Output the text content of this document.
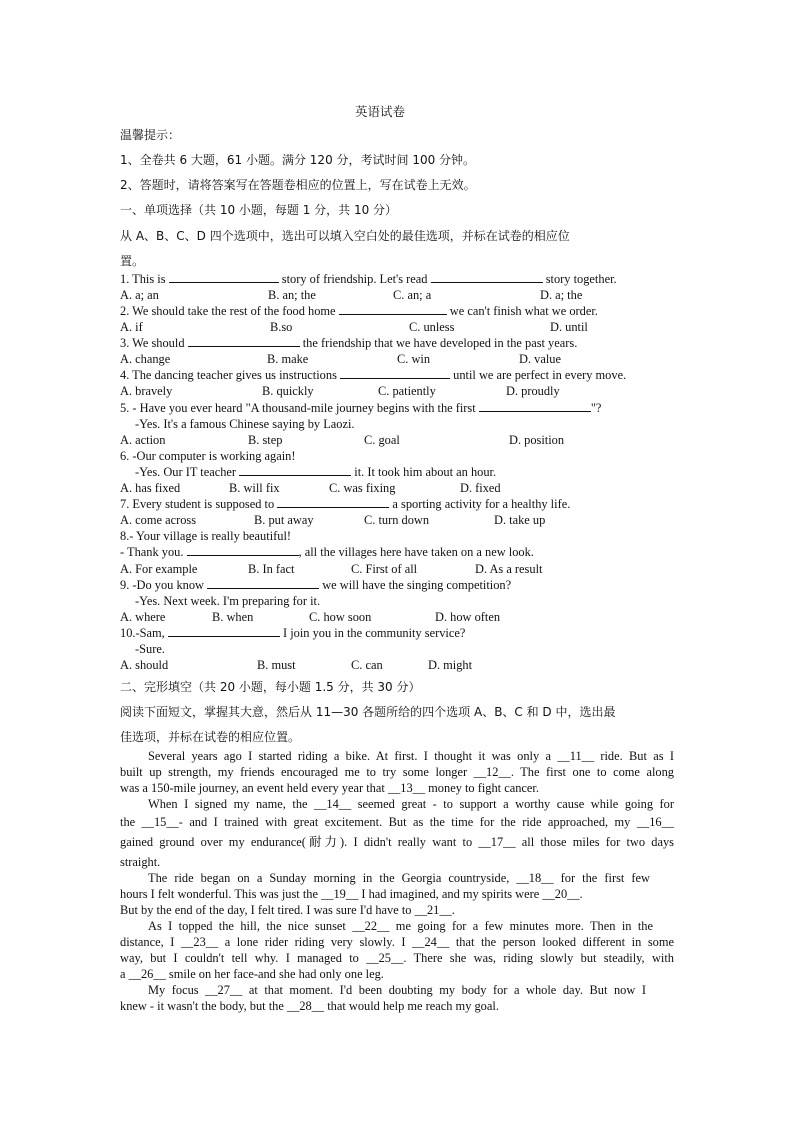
英语试卷
温馨提示：
1、全卷共 6 大题，61 小题。满分 120 分，考试时间 100 分钟。
2、答题时，请将答案写在答题卷相应的位置上，写在试卷上无效。
一、单项选择（共 10 小题，每题 1 分，共 10 分）
从 A、B、C、D 四个选项中，选出可以填入空白处的最佳选项，并标在试卷的相应位
置。
1. This is	story of friendship. Let's read	story together.
A. a; an	B. an; the	C. an; a	D. a; the
2. We should take the rest of the food home	we can't finish what we order.
A. if	B.so	C. unless	D. until
3. We should	the friendship that we have developed in the past years.
A. change	B. make	C. win	D. value
4. The dancing teacher gives us instructions	until we are perfect in every move.
A. bravely	B. quickly	C. patiently	D. proudly
5. - Have you ever heard "A thousand-mile journey begins with the first	"?
-Yes. It's a famous Chinese saying by Laozi.
A. action	B. step	C. goal	D. position
6. -Our computer is working again!
-Yes. Our IT teacher	it. It took him about an hour.
A. has fixed	B. will fix	C. was fixing	D. fixed
7. Every student is supposed to	a sporting activity for a healthy life.
A. come across	B. put away	C. turn down	D. take up
8.- Your village is really beautiful!
- Thank you.	, all the villages here have taken on a new look.
A. For example	B. In fact	C. First of all	D. As a result
9. -Do you know	we will have the singing competition?
-Yes. Next week. I'm preparing for it.
A. where	B. when	C. how soon	D. how often
10.-Sam,	I join you in the community service?
-Sure.
A. should	B. must	C. can	D. might
二、完形填空（共 20 小题，每小题 1.5 分，共 30 分）
阅读下面短文，掌握其大意，然后从 11—30 各题所给的四个选项 A、B、C 和 D 中，选出最
佳选项，并标在试卷的相应位置。
Several years ago I started riding a bike. At first. I thought it was only a __11__ ride. But as I
built up strength, my friends encouraged me to try some longer __12__. The first one to come along
was a 150-mile journey, an event held every year that __13__ money to fight cancer.
When I signed my name, the __14__ seemed great - to support a worthy cause while going for
the __15__- and I trained with great excitement. But as the time for the ride approached, my __16__
gained ground over my endurance(耐力). I didn't really want to __17__ all those miles for two days
straight.
The ride began on a Sunday morning in the Georgia countryside, __18__ for the first few
hours I felt wonderful. This was just the __19__ I had imagined, and my spirits were __20__.
But by the end of the day, I felt tired. I was sure I'd have to __21__.
As I topped the hill, the nice sunset __22__ me going for a few minutes more. Then in the
distance, I __23__ a lone rider riding very slowly. I __24__ that the person looked different in some
way, but I couldn't tell why. I managed to __25__. There she was, riding slowly but steadily, with
a __26__ smile on her face-and she had only one leg.
My focus __27__ at that moment. I'd been doubting my body for a whole day. But now I
knew - it wasn't the body, but the __28__ that would help me reach my goal.
